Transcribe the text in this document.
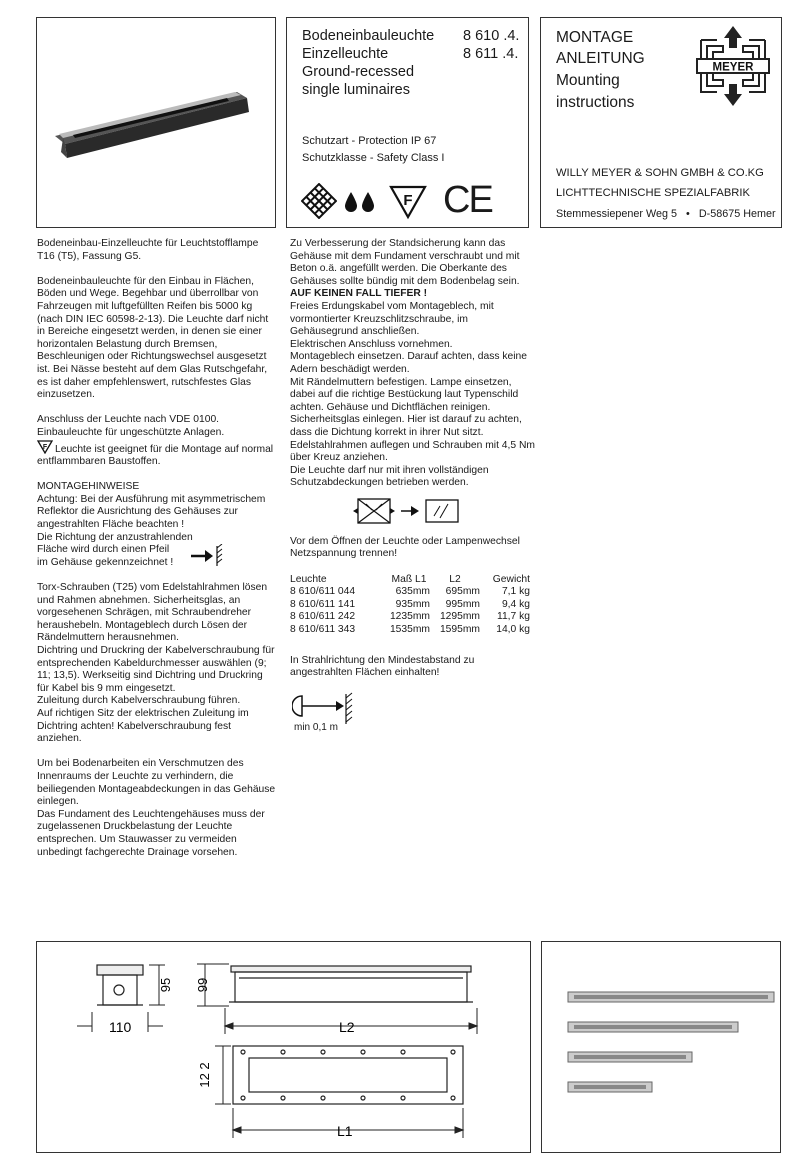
Bodeneinbauleuchte 8 610 .4.
Einzelleuchte	8 611 .4.
Ground-recessed
single luminaires
Schutzart - Protection IP 67
Schutzklasse - Safety Class I
F CE
MONTAGE
ANLEITUNG
Mounting
instructions
MEYER
WILLY MEYER & SOHN GMBH & CO.KG
LICHTTECHNISCHE SPEZIALFABRIK
Stemmessiepener Weg 5 • D-58675 Hemer

Bodeneinbau-Einzelleuchte für Leuchtstofflampe T16 (T5), Fassung G5.

Bodeneinbauleuchte für den Einbau in Flächen, Böden und Wege. Begehbar und überrollbar von Fahrzeugen mit luftgefüllten Reifen bis 5000 kg (nach DIN IEC 60598-2-13). Die Leuchte darf nicht in Bereiche eingesetzt werden, in denen sie einer horizontalen Belastung durch Bremsen, Beschleunigen oder Richtungswechsel ausgesetzt ist. Bei Nässe besteht auf dem Glas Rutschgefahr, es ist daher empfehlenswert, rutschfestes Glas einzusetzen.

Anschluss der Leuchte nach VDE 0100.

Einbauleuchte für ungeschützte Anlagen.

F Leuchte ist geeignet für die Montage auf normal entflammbaren Baustoffen.

MONTAGEHINWEISE

Achtung: Bei der Ausführung mit asymmetrischem Reflektor die Ausrichtung des Gehäuses zur angestrahlten Fläche beachten !

Die Richtung der anzustrahlenden

Fläche wird durch einen Pfeil

im Gehäuse gekennzeichnet !

Torx-Schrauben (T25) vom Edelstahlrahmen lösen und Rahmen abnehmen. Sicherheitsglas, an vorgesehenen Schrägen, mit Schraubendreher heraushebeln. Montageblech durch Lösen der Rändelmuttern herausnehmen.

Dichtring und Druckring der Kabelverschraubung für entsprechenden Kabeldurchmesser auswählen (9; 11; 13,5). Werkseitig sind Dichtring und Druckring für Kabel bis 9 mm eingesetzt.

Zuleitung durch Kabelverschraubung führen.

Auf richtigen Sitz der elektrischen Zuleitung im Dichtring achten! Kabelverschraubung fest anziehen.

Um bei Bodenarbeiten ein Verschmutzen des Innenraums der Leuchte zu verhindern, die beiliegenden Montageabdeckungen in das Gehäuse einlegen.

Das Fundament des Leuchtengehäuses muss der zugelassenen Druckbelastung der Leuchte entsprechen. Um Stauwasser zu vermeiden unbedingt fachgerechte Drainage vorsehen.

Zu Verbesserung der Standsicherung kann das Gehäuse mit dem Fundament verschraubt und mit Beton o.ä. angefüllt werden. Die Oberkante des Gehäuses sollte bündig mit dem Bodenbelag sein.

AUF KEINEN FALL TIEFER !

Freies Erdungskabel vom Montageblech, mit vormontierter Kreuzschlitzschraube, im Gehäusegrund anschließen.

Elektrischen Anschluss vornehmen.

Montageblech einsetzen. Darauf achten, dass keine Adern beschädigt werden.

Mit Rändelmuttern befestigen. Lampe einsetzen, dabei auf die richtige Bestückung laut Typenschild achten. Gehäuse und Dichtflächen reinigen.

Sicherheitsglas einlegen. Hier ist darauf zu achten, dass die Dichtung korrekt in ihrer Nut sitzt.

Edelstahlrahmen auflegen und Schrauben mit 4,5 Nm über Kreuz anziehen.

Die Leuchte darf nur mit ihren vollständigen Schutzabdeckungen betrieben werden.

Vor dem Öffnen der Leuchte oder Lampenwechsel Netzspannung trennen!

Leuchte	Maß L1	L2	Gewicht
8 610/611 044	635mm	695mm	7,1 kg
8 610/611 141	935mm	995mm	9,4 kg
8 610/611 242	1235mm	1295mm	11,7 kg
8 610/611 343	1535mm	1595mm	14,0 kg

In Strahlrichtung den Mindestabstand zu angestrahlten Flächen einhalten!

min 0,1 m
95 99
110	L2
12 2
L1
